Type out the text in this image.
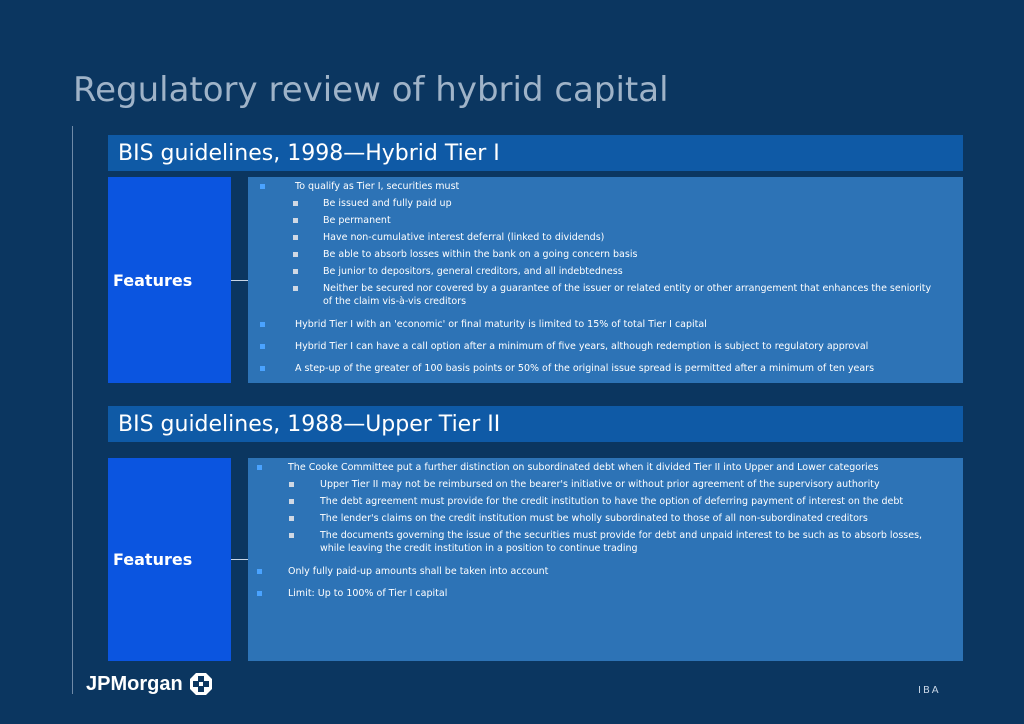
Regulatory review of hybrid capital
BIS guidelines, 1998—Hybrid Tier I
Features
To qualify as Tier I, securities must
Be issued and fully paid up
Be permanent
Have non-cumulative interest deferral (linked to dividends)
Be able to absorb losses within the bank on a going concern basis
Be junior to depositors, general creditors, and all indebtedness
Neither be secured nor covered by a guarantee of the issuer or related entity or other arrangement that enhances the seniority
of the claim vis-à-vis creditors
Hybrid Tier I with an 'economic' or final maturity is limited to 15% of total Tier I capital
Hybrid Tier I can have a call option after a minimum of five years, although redemption is subject to regulatory approval
A step-up of the greater of 100 basis points or 50% of the original issue spread is permitted after a minimum of ten years
BIS guidelines, 1988—Upper Tier II
Features
The Cooke Committee put a further distinction on subordinated debt when it divided Tier II into Upper and Lower categories
Upper Tier II may not be reimbursed on the bearer's initiative or without prior agreement of the supervisory authority
The debt agreement must provide for the credit institution to have the option of deferring payment of interest on the debt
The lender's claims on the credit institution must be wholly subordinated to those of all non-subordinated creditors
The documents governing the issue of the securities must provide for debt and unpaid interest to be such as to absorb losses,
while leaving the credit institution in a position to continue trading
Only fully paid-up amounts shall be taken into account
Limit: Up to 100% of Tier I capital
JPMorgan	IBA
